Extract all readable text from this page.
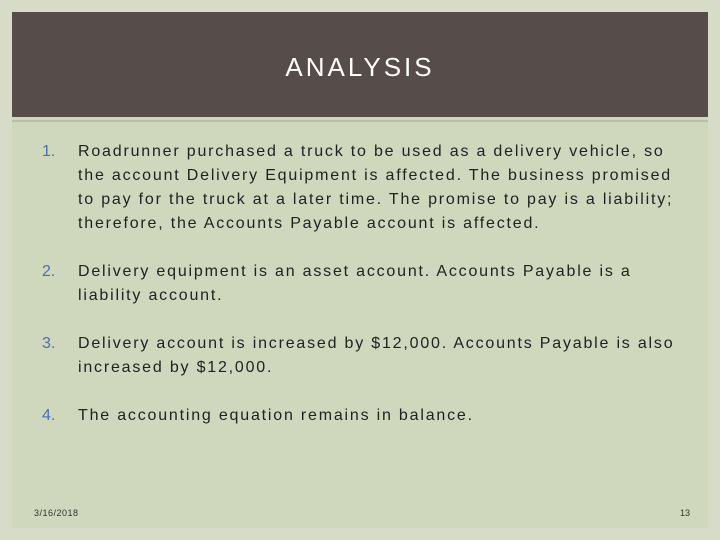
ANALYSIS
1. Roadrunner purchased a truck to be used as a delivery vehicle, so the account Delivery Equipment is affected. The business promised to pay for the truck at a later time. The promise to pay is a liability; therefore, the Accounts Payable account is affected.
2. Delivery equipment is an asset account. Accounts Payable is a liability account.
3. Delivery account is increased by $12,000. Accounts Payable is also increased by $12,000.
4. The accounting equation remains in balance.
3/16/2018	13
